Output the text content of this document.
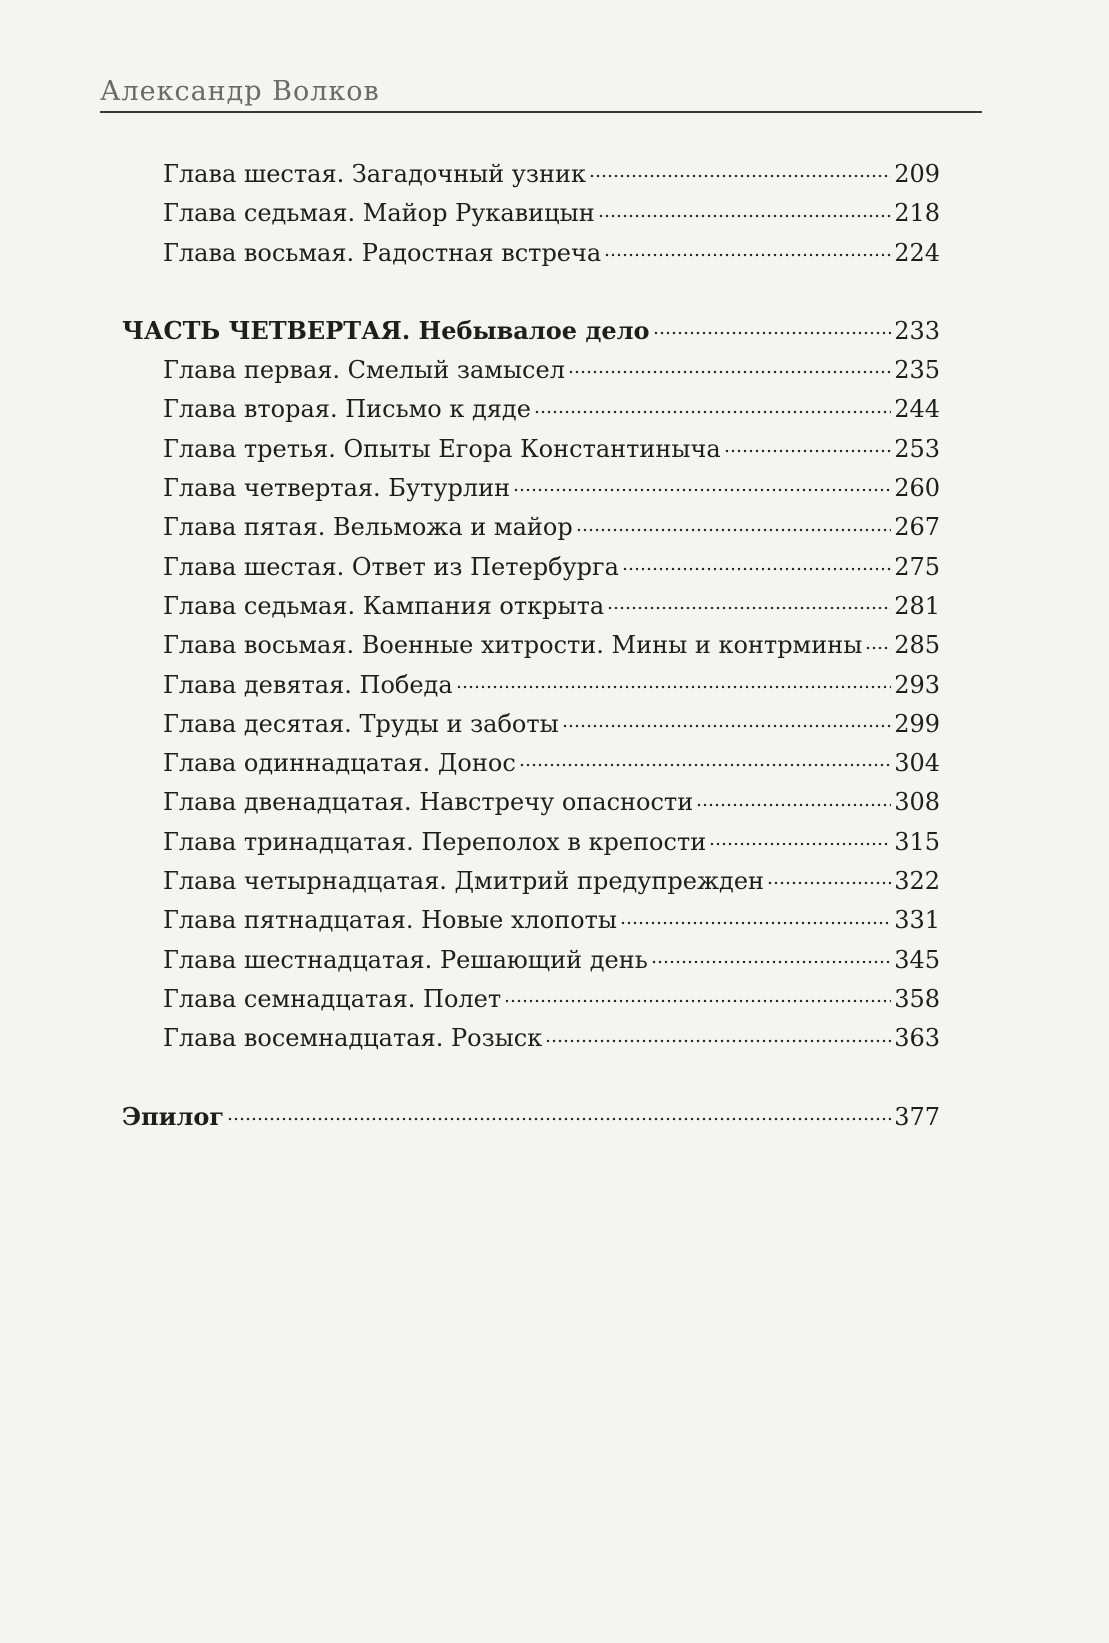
Александр Волков
Глава шестая. Загадочный узник	209
Глава седьмая. Майор Рукавицын	218
Глава восьмая. Радостная встреча	224
ЧАСТЬ ЧЕТВЕРТАЯ. Небывалое дело	233
Глава первая. Смелый замысел	235
Глава вторая. Письмо к дяде	244
Глава третья. Опыты Егора Константиныча	253
Глава четвертая. Бутурлин	260
Глава пятая. Вельможа и майор	267
Глава шестая. Ответ из Петербурга	275
Глава седьмая. Кампания открыта	281
Глава восьмая. Военные хитрости. Мины и контрмины 285
Глава девятая. Победа	293
Глава десятая. Труды и заботы	299
Глава одиннадцатая. Донос	304
Глава двенадцатая. Навстречу опасности	308
Глава тринадцатая. Переполох в крепости	315
Глава четырнадцатая. Дмитрий предупрежден	322
Глава пятнадцатая. Новые хлопоты	331
Глава шестнадцатая. Решающий день	345
Глава семнадцатая. Полет	358
Глава восемнадцатая. Розыск	363
Эпилог	377
